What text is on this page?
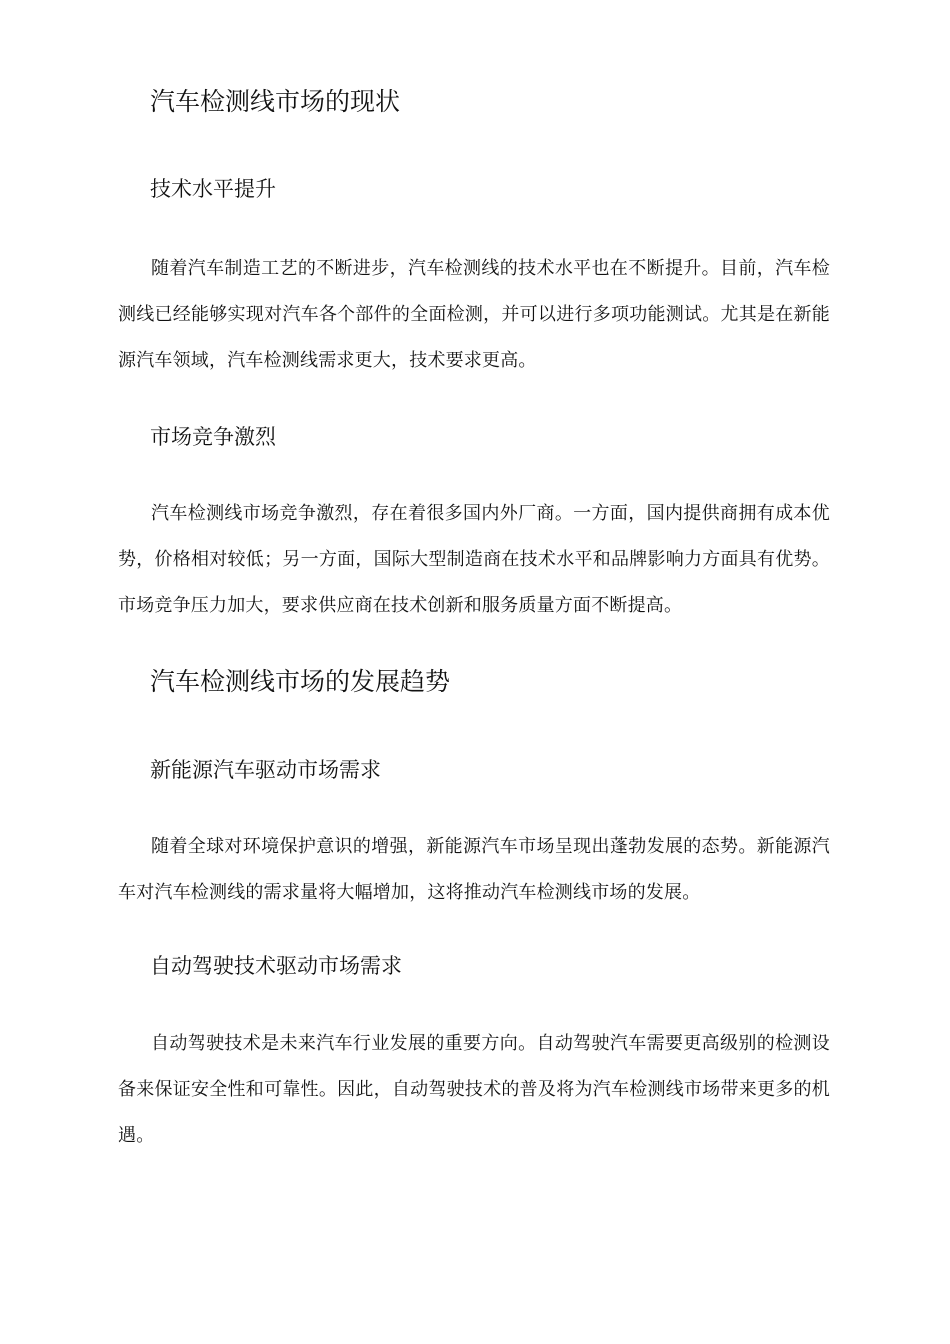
汽车检测线市场的现状
技术水平提升

随着汽车制造工艺的不断进步，汽车检测线的技术水平也在不断提升。目前，汽车检测线已经能够实现对汽车各个部件的全面检测，并可以进行多项功能测试。尤其是在新能源汽车领域，汽车检测线需求更大，技术要求更高。

市场竞争激烈

汽车检测线市场竞争激烈，存在着很多国内外厂商。一方面，国内提供商拥有成本优势，价格相对较低；另一方面，国际大型制造商在技术水平和品牌影响力方面具有优势。市场竞争压力加大，要求供应商在技术创新和服务质量方面不断提高。

汽车检测线市场的发展趋势
新能源汽车驱动市场需求

随着全球对环境保护意识的增强，新能源汽车市场呈现出蓬勃发展的态势。新能源汽车对汽车检测线的需求量将大幅增加，这将推动汽车检测线市场的发展。

自动驾驶技术驱动市场需求

自动驾驶技术是未来汽车行业发展的重要方向。自动驾驶汽车需要更高级别的检测设备来保证安全性和可靠性。因此，自动驾驶技术的普及将为汽车检测线市场带来更多的机遇。
